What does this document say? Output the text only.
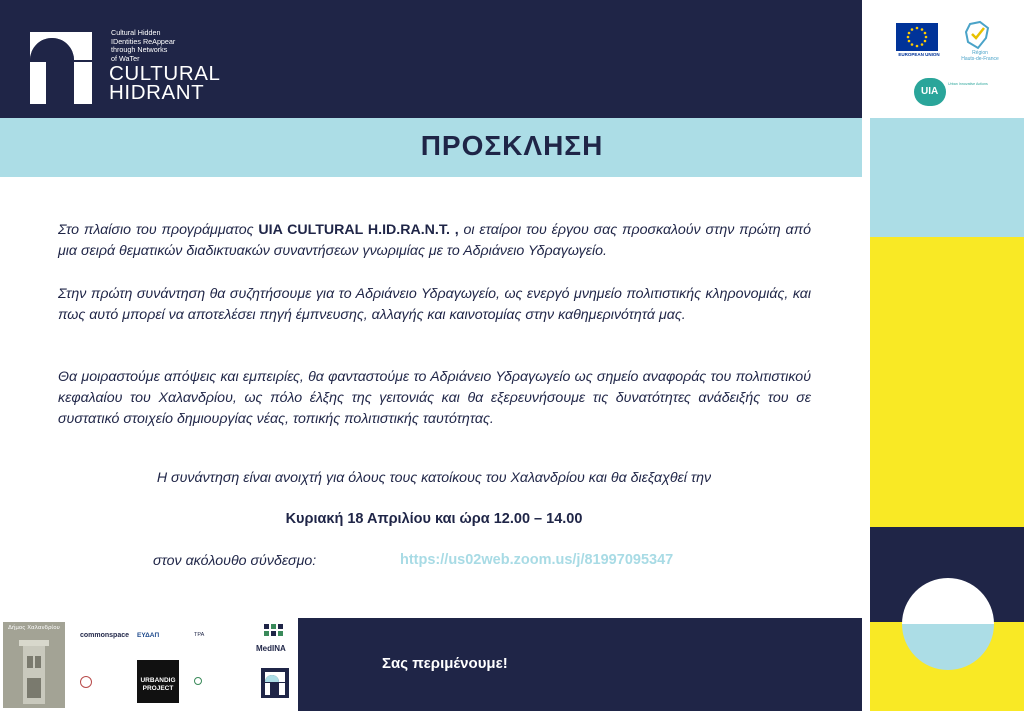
Cultural Hidden
IDentities ReAppear
through Networks
of WaTer
CULTURAL
HIDRANT
ΠΡΟΣΚΛΗΣΗ
Στο πλαίσιο του προγράμματος UIA CULTURAL H.ID.RA.N.T. , οι εταίροι του έργου σας προσκαλούν στην πρώτη από μια σειρά θεματικών διαδικτυακών συναντήσεων γνωριμίας με το Αδριάνειο Υδραγωγείο.
Στην πρώτη συνάντηση θα συζητήσουμε για το Αδριάνειο Υδραγωγείο, ως ενεργό μνημείο πολιτιστικής κληρονομιάς, και πως αυτό μπορεί να αποτελέσει πηγή έμπνευσης, αλλαγής και καινοτομίας στην καθημερινότητά μας.
Θα μοιραστούμε απόψεις και εμπειρίες, θα φανταστούμε το Αδριάνειο Υδραγωγείο ως σημείο αναφοράς του πολιτιστικού κεφαλαίου του Χαλανδρίου, ως πόλο έλξης της γειτονιάς και θα εξερευνήσουμε τις δυνατότητες ανάδειξής του σε συστατικό στοιχείο δημιουργίας νέας, τοπικής πολιτιστικής ταυτότητας.
Η συνάντηση είναι ανοιχτή για όλους τους κατοίκους του Χαλανδρίου και θα διεξαχθεί την
Κυριακή 18 Απριλίου και ώρα 12.00 – 14.00
στον ακόλουθο σύνδεσμο:	https://us02web.zoom.us/j/81997095347
Δήμος Χαλανδρίου
commonspace ΕΥΔΑΠ	ΤΡΑ
MedINA
URBANDIG
PROJECT
Σας περιμένουμε!
EUROPEAN UNION	Région
Hauts-de-France
UIA
Urban Innovative Actions
